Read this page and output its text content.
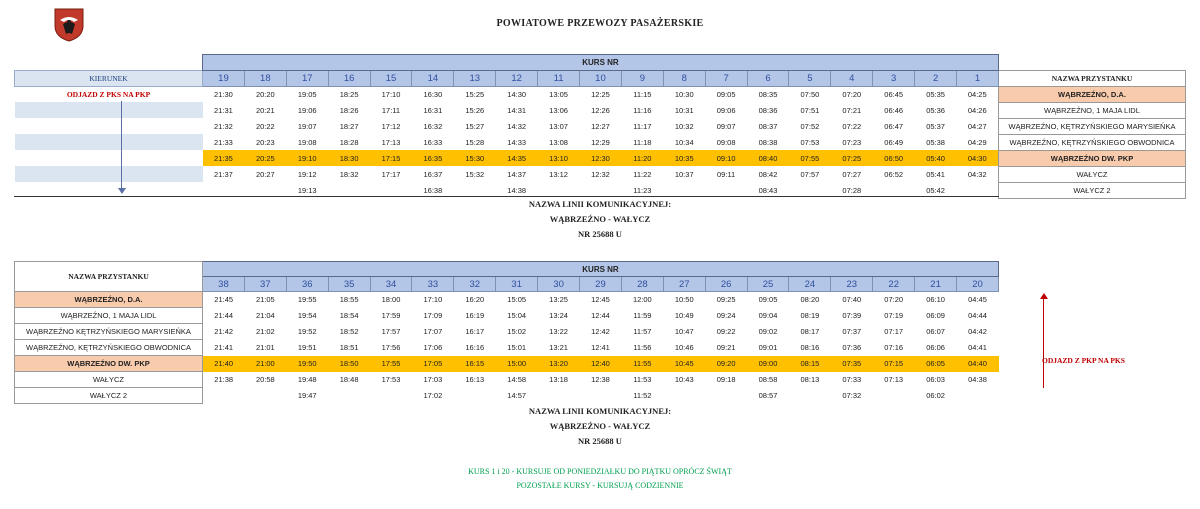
POWIATOWE PRZEWOZY PASAŻERSKIE
	KURS NR																			
KIERUNEK	19	18	17	16	15	14	13	12	11	10	9	8	7	6	5	4	3	2	1	NAZWA PRZYSTANKU
ODJAZD Z PKS NA PKP	21:30	20:20	19:05	18:25	17:10	16:30	15:25	14:30	13:05	12:25	11:15	10:30	09:05	08:35	07:50	07:20	06:45	05:35	04:25	WĄBRZEŹNO, D.A.
	21:31	20:21	19:06	18:26	17:11	16:31	15:26	14:31	13:06	12:26	11:16	10:31	09:06	08:36	07:51	07:21	06:46	05:36	04:26	WĄBRZEŹNO, 1 MAJA LIDL
	21:32	20:22	19:07	18:27	17:12	16:32	15:27	14:32	13:07	12:27	11:17	10:32	09:07	08:37	07:52	07:22	06:47	05:37	04:27	WĄBRZEŹNO, KĘTRZYŃSKIEGO MARYSIEŃKA
	21:33	20:23	19:08	18:28	17:13	16:33	15:28	14:33	13:08	12:29	11:18	10:34	09:08	08:38	07:53	07:23	06:49	05:38	04:29	WĄBRZEŹNO, KĘTRZYŃSKIEGO OBWODNICA
	21:35	20:25	19:10	18:30	17:15	16:35	15:30	14:35	13:10	12:30	11:20	10:35	09:10	08:40	07:55	07:25	06:50	05:40	04:30	WĄBRZEŹNO DW. PKP
	21:37	20:27	19:12	18:32	17:17	16:37	15:32	14:37	13:12	12:32	11:22	10:37	09:11	08:42	07:57	07:27	06:52	05:41	04:32	WAŁYCZ
			19:13			16:38		14:38			11:23			08:43		07:28		05:42		WAŁYCZ 2
NAZWA LINII KOMUNIKACYJNEJ:
WĄBRZEŹNO - WAŁYCZ
NR 25688 U
NAZWA PRZYSTANKU	KURS NR																		
	38	37	36	35	34	33	32	31	30	29	28	27	26	25	24	23	22	21	20
WĄBRZEŹNO, D.A.	21:45	21:05	19:55	18:55	18:00	17:10	16:20	15:05	13:25	12:45	12:00	10:50	09:25	09:05	08:20	07:40	07:20	06:10	04:45
WĄBRZEŹNO, 1 MAJA LIDL	21:44	21:04	19:54	18:54	17:59	17:09	16:19	15:04	13:24	12:44	11:59	10:49	09:24	09:04	08:19	07:39	07:19	06:09	04:44
WĄBRZEŹNO KĘTRZYŃSKIEGO MARYSIEŃKA	21:42	21:02	19:52	18:52	17:57	17:07	16:17	15:02	13:22	12:42	11:57	10:47	09:22	09:02	08:17	07:37	07:17	06:07	04:42
WĄBRZEŹNO, KĘTRZYŃSKIEGO OBWODNICA	21:41	21:01	19:51	18:51	17:56	17:06	16:16	15:01	13:21	12:41	11:56	10:46	09:21	09:01	08:16	07:36	07:16	06:06	04:41
WĄBRZEŹNO DW. PKP	21:40	21:00	19:50	18:50	17:55	17:05	16:15	15:00	13:20	12:40	11:55	10:45	09:20	09:00	08:15	07:35	07:15	06:05	04:40
WAŁYCZ	21:38	20:58	19:48	18:48	17:53	17:03	16:13	14:58	13:18	12:38	11:53	10:43	09:18	08:58	08:13	07:33	07:13	06:03	04:38
WAŁYCZ 2			19:47			17:02		14:57			11:52			08:57		07:32		06:02	
ODJAZD Z PKP NA PKS
NAZWA LINII KOMUNIKACYJNEJ:
WĄBRZEŹNO - WAŁYCZ
NR 25688 U
KURS 1 i 20 - KURSUJE OD PONIEDZIAŁKU DO PIĄTKU OPRÓCZ ŚWIĄT
POZOSTAŁE KURSY - KURSUJĄ CODZIENNIE
